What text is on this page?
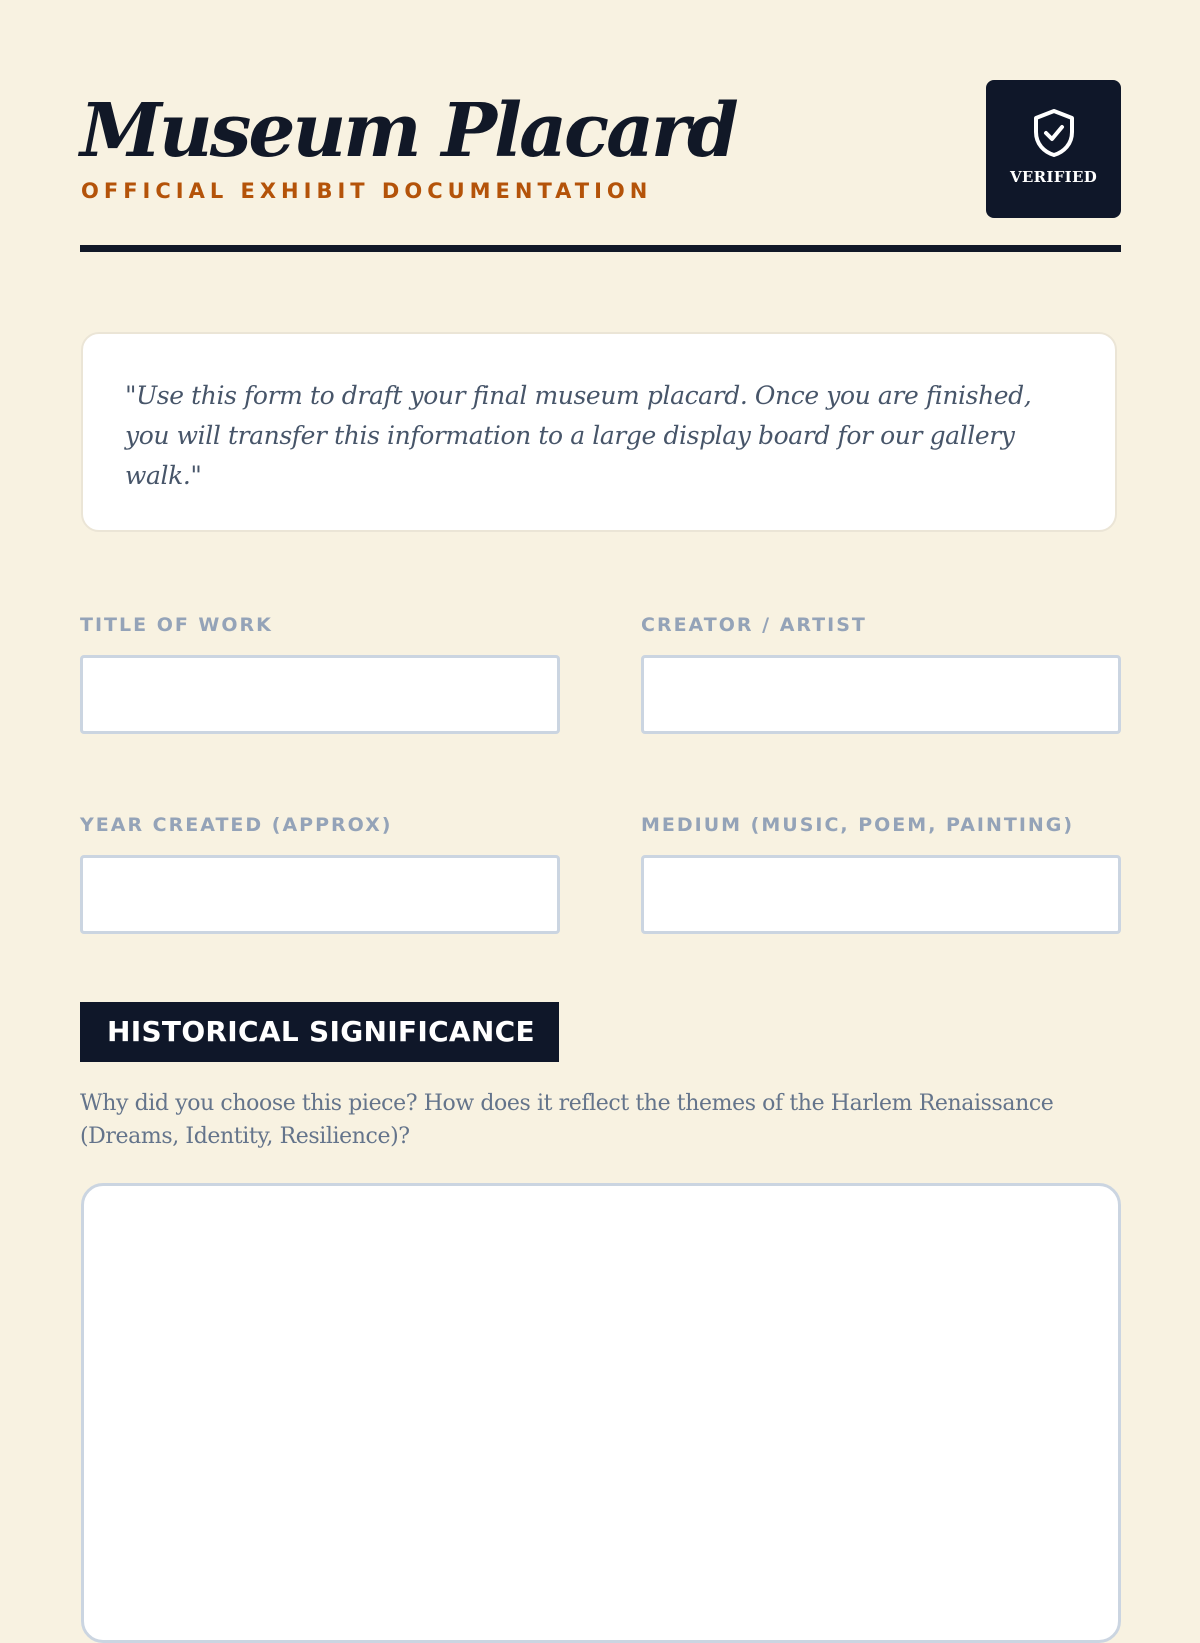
Museum Placard
OFFICIAL EXHIBIT DOCUMENTATION
VERIFIED

"Use this form to draft your final museum placard. Once you are finished, you will transfer this information to a large display board for our gallery walk."

TITLE OF WORK	CREATOR / ARTIST
YEAR CREATED (APPROX)	MEDIUM (MUSIC, POEM, PAINTING)
HISTORICAL SIGNIFICANCE

Why did you choose this piece? How does it reflect the themes of the Harlem Renaissance (Dreams, Identity, Resilience)?
